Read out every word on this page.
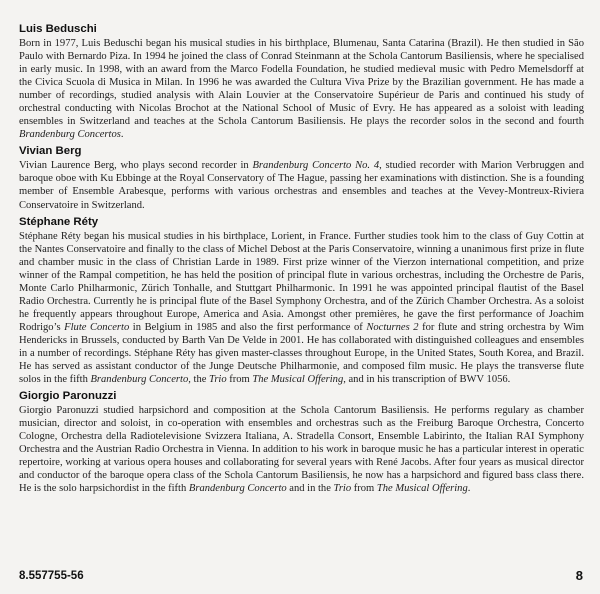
Luis Beduschi

Born in 1977, Luis Beduschi began his musical studies in his birthplace, Blumenau, Santa Catarina (Brazil). He then studied in São Paulo with Bernardo Piza. In 1994 he joined the class of Conrad Steinmann at the Schola Cantorum Basiliensis, where he specialised in early music. In 1998, with an award from the Marco Fodella Foundation, he studied medieval music with Pedro Memelsdorff at the Civica Scuola di Musica in Milan. In 1996 he was awarded the Cultura Viva Prize by the Brazilian government. He has made a number of recordings, studied analysis with Alain Louvier at the Conservatoire Supérieur de Paris and continued his study of orchestral conducting with Nicolas Brochot at the National School of Music of Evry. He has appeared as a soloist with leading ensembles in Switzerland and teaches at the Schola Cantorum Basiliensis. He plays the recorder solos in the second and fourth Brandenburg Concertos.

Vivian Berg

Vivian Laurence Berg, who plays second recorder in Brandenburg Concerto No. 4, studied recorder with Marion Verbruggen and baroque oboe with Ku Ebbinge at the Royal Conservatory of The Hague, passing her examinations with distinction. She is a founding member of Ensemble Arabesque, performs with various orchestras and ensembles and teaches at the Vevey-Montreux-Riviera Conservatoire in Switzerland.

Stéphane Réty

Stéphane Réty began his musical studies in his birthplace, Lorient, in France. Further studies took him to the class of Guy Cottin at the Nantes Conservatoire and finally to the class of Michel Debost at the Paris Conservatoire, winning a unanimous first prize in flute and chamber music in the class of Christian Larde in 1989. First prize winner of the Vierzon international competition, and prize winner of the Rampal competition, he has held the position of principal flute in various orchestras, including the Orchestre de Paris, Monte Carlo Philharmonic, Zürich Tonhalle, and Stuttgart Philharmonic. In 1991 he was appointed principal flautist of the Basel Radio Orchestra. Currently he is principal flute of the Basel Symphony Orchestra, and of the Zürich Chamber Orchestra. As a soloist he frequently appears throughout Europe, America and Asia. Amongst other premières, he gave the first performance of Joachim Rodrigo’s Flute Concerto in Belgium in 1985 and also the first performance of Nocturnes 2 for flute and string orchestra by Wim Hendericks in Brussels, conducted by Barth Van De Velde in 2001. He has collaborated with distinguished colleagues and ensembles in a number of recordings. Stéphane Réty has given master-classes throughout Europe, in the United States, South Korea, and Brazil. He has served as assistant conductor of the Junge Deutsche Philharmonie, and composed film music. He plays the transverse flute solos in the fifth Brandenburg Concerto, the Trio from The Musical Offering, and in his transcription of BWV 1056.

Giorgio Paronuzzi

Giorgio Paronuzzi studied harpsichord and composition at the Schola Cantorum Basiliensis. He performs regulary as chamber musician, director and soloist, in co-operation with ensembles and orchestras such as the Freiburg Baroque Orchestra, Concerto Cologne, Orchestra della Radiotelevisione Svizzera Italiana, A. Stradella Consort, Ensemble Labirinto, the Italian RAI Symphony Orchestra and the Austrian Radio Orchestra in Vienna. In addition to his work in baroque music he has a particular interest in operatic repertoire, working at various opera houses and collaborating for several years with René Jacobs. After four years as musical director and conductor of the baroque opera class of the Schola Cantorum Basiliensis, he now has a harpsichord and figured bass class there. He is the solo harpsichordist in the fifth Brandenburg Concerto and in the Trio from The Musical Offering.

8.557755-56	8
